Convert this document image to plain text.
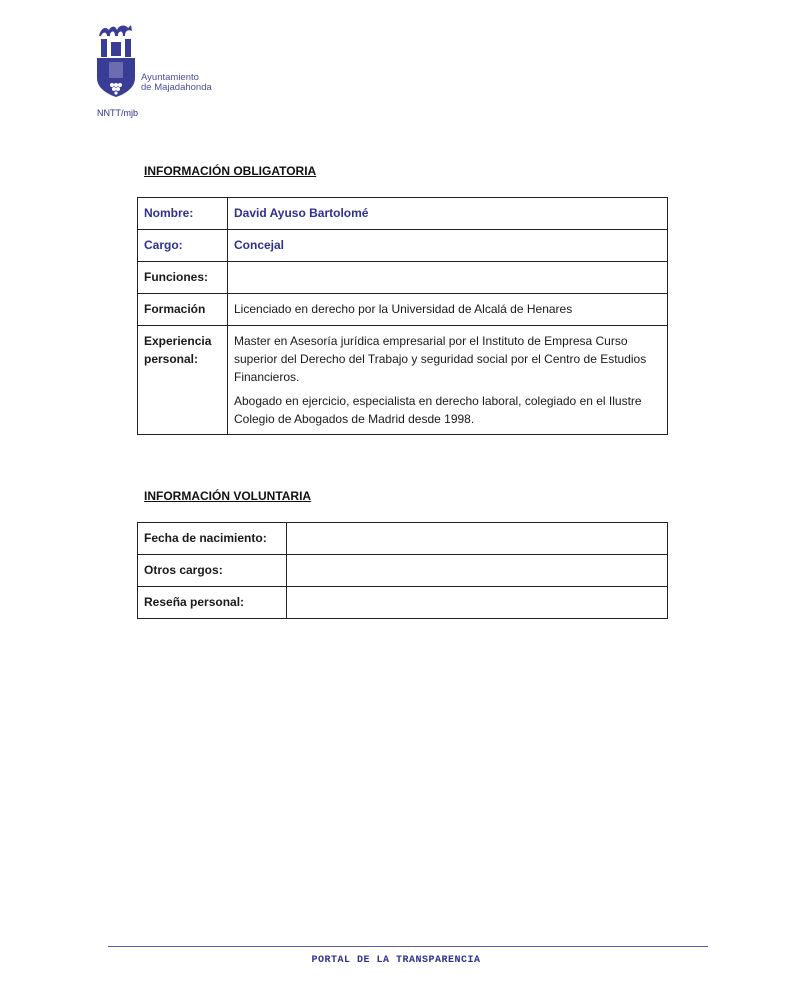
Ayuntamiento
de Majadahonda
NNTT/mjb
INFORMACIÓN OBLIGATORIA
Nombre:	David Ayuso Bartolomé
Cargo:	Concejal
Funciones:	
Formación	Licenciado en derecho por la Universidad de Alcalá de Henares
Experiencia personal:	Master en Asesoría jurídica empresarial por el Instituto de Empresa Curso superior del Derecho del Trabajo y seguridad social por el Centro de Estudios Financieros.

Abogado en ejercicio, especialista en derecho laboral, colegiado en el Ilustre Colegio de Abogados de Madrid desde 1998.

INFORMACIÓN VOLUNTARIA
Fecha de nacimiento:	
Otros cargos:	
Reseña personal:	
PORTAL DE LA TRANSPARENCIA
